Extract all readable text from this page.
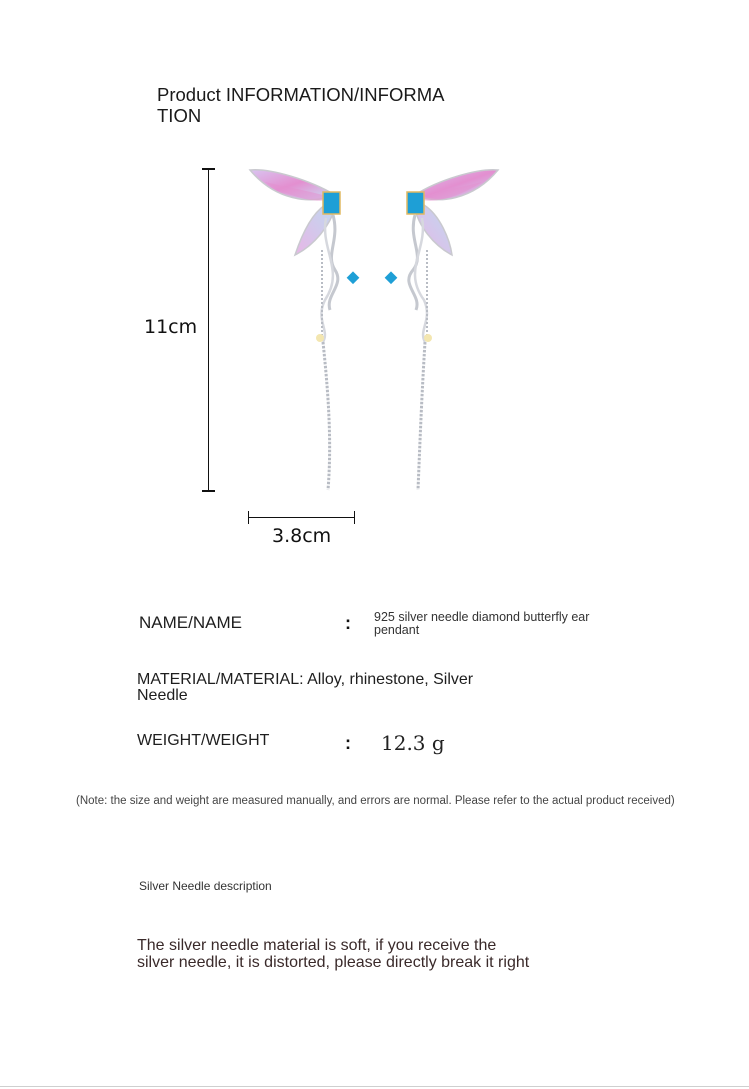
Product INFORMATION/INFORMATION
11cm
3.8cm
NAME/NAME	: 925 silver needle diamond butterfly ear pendant
MATERIAL/MATERIAL: Alloy, rhinestone, Silver Needle
WEIGHT/WEIGHT	: 12.3 g
(Note: the size and weight are measured manually, and errors are normal. Please refer to the actual product received)
Silver Needle description
The silver needle material is soft, if you receive the silver needle, it is distorted, please directly break it right
